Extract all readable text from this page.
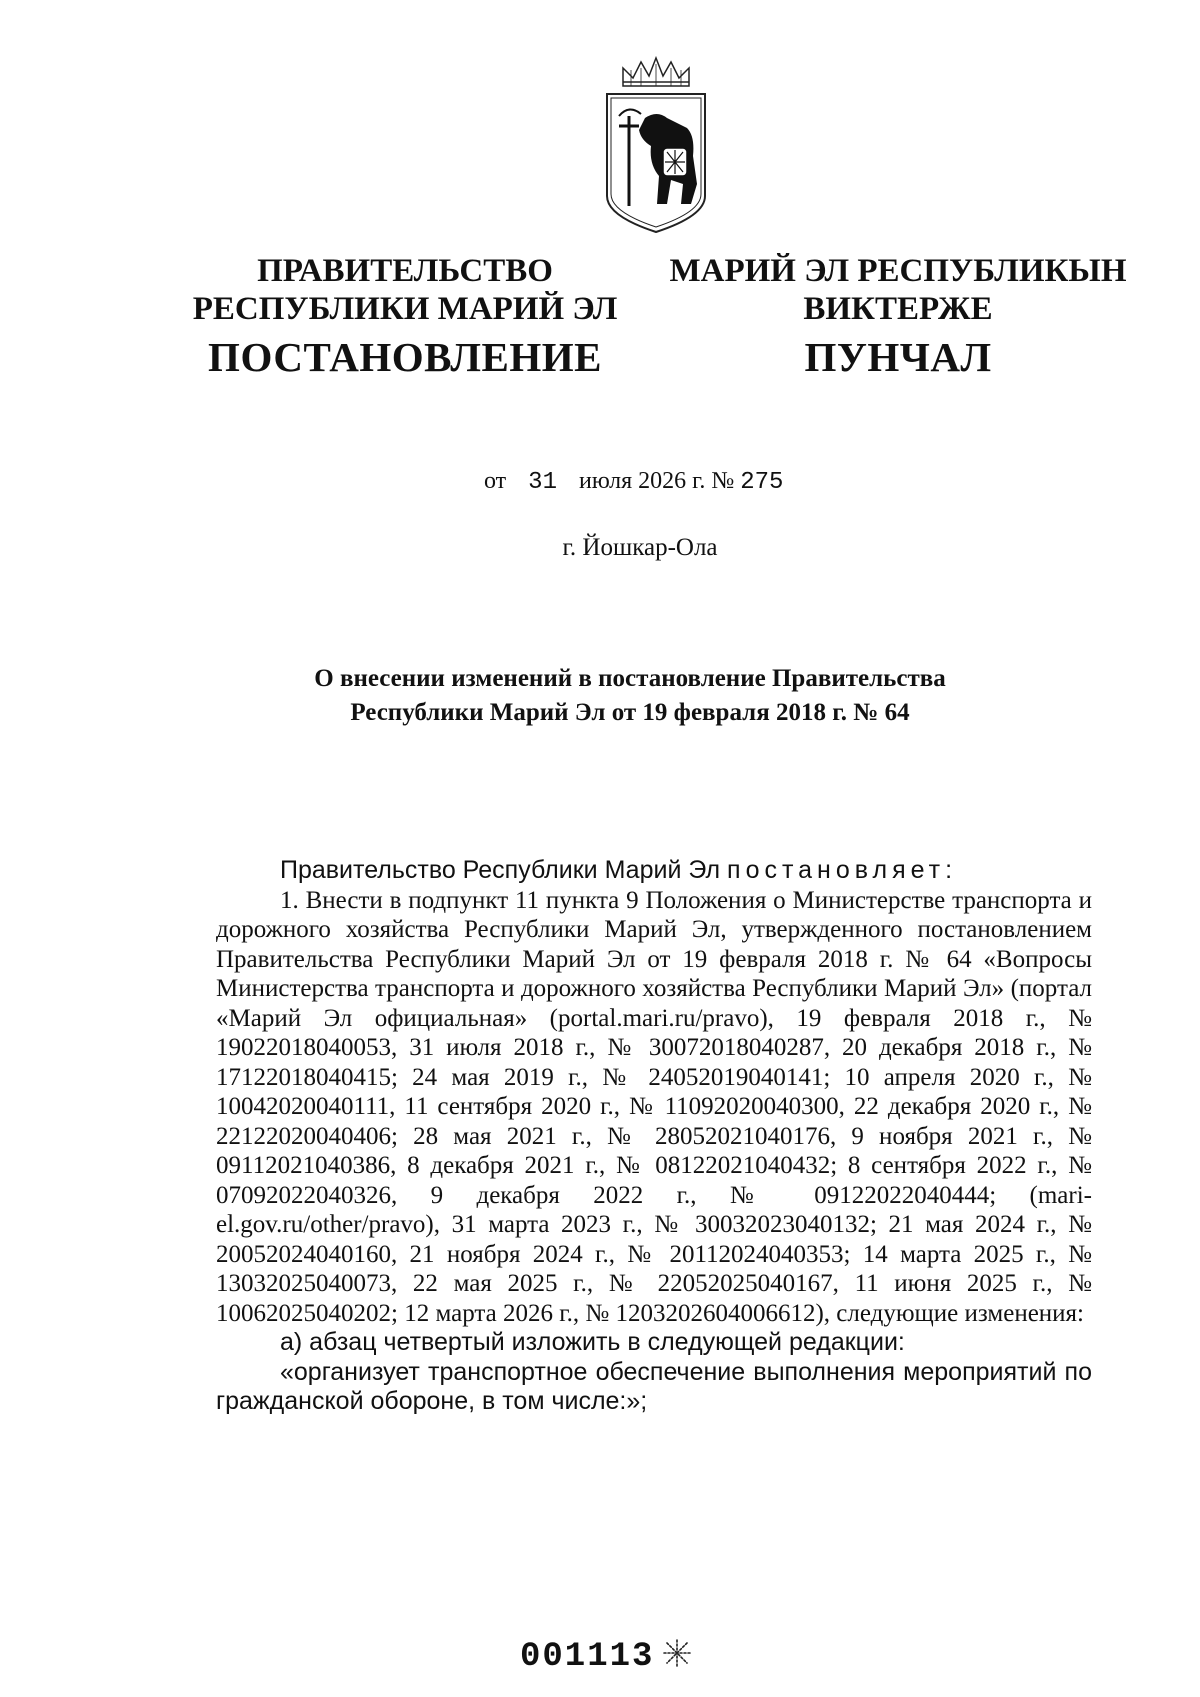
ПРАВИТЕЛЬСТВО
РЕСПУБЛИКИ МАРИЙ ЭЛ
ПОСТАНОВЛЕНИЕ
МАРИЙ ЭЛ РЕСПУБЛИКЫН
ВИКТЕРЖЕ
ПУНЧАЛ
от 31 июля 2026 г. № 275
г. Йошкар-Ола
О внесении изменений в постановление Правительства
Республики Марий Эл от 19 февраля 2018 г. № 64

Правительство Республики Марий Эл постановляет:

1. Внести в подпункт 11 пункта 9 Положения о Министерстве транспорта и дорожного хозяйства Республики Марий Эл, утвержденного постановлением Правительства Республики Марий Эл от 19 февраля 2018 г. № 64 «Вопросы Министерства транспорта и дорожного хозяйства Республики Марий Эл» (портал «Марий Эл официальная» (portal.mari.ru/pravo), 19 февраля 2018 г., № 19022018040053, 31 июля 2018 г., № 30072018040287, 20 декабря 2018 г., № 17122018040415; 24 мая 2019 г., № 24052019040141; 10 апреля 2020 г., № 10042020040111, 11 сентября 2020 г., № 11092020040300, 22 декабря 2020 г., № 22122020040406; 28 мая 2021 г., № 28052021040176, 9 ноября 2021 г., № 09112021040386, 8 декабря 2021 г., № 08122021040432; 8 сентября 2022 г., № 07092022040326, 9 декабря 2022 г., № 09122022040444; (mari-el.gov.ru/other/pravo), 31 марта 2023 г., № 30032023040132; 21 мая 2024 г., № 20052024040160, 21 ноября 2024 г., № 20112024040353; 14 марта 2025 г., № 13032025040073, 22 мая 2025 г., № 22052025040167, 11 июня 2025 г., № 10062025040202; 12 марта 2026 г., № 1203202604006612), следующие изменения:

а) абзац четвертый изложить в следующей редакции:

«организует транспортное обеспечение выполнения мероприятий по гражданской обороне, в том числе:»;

001113
